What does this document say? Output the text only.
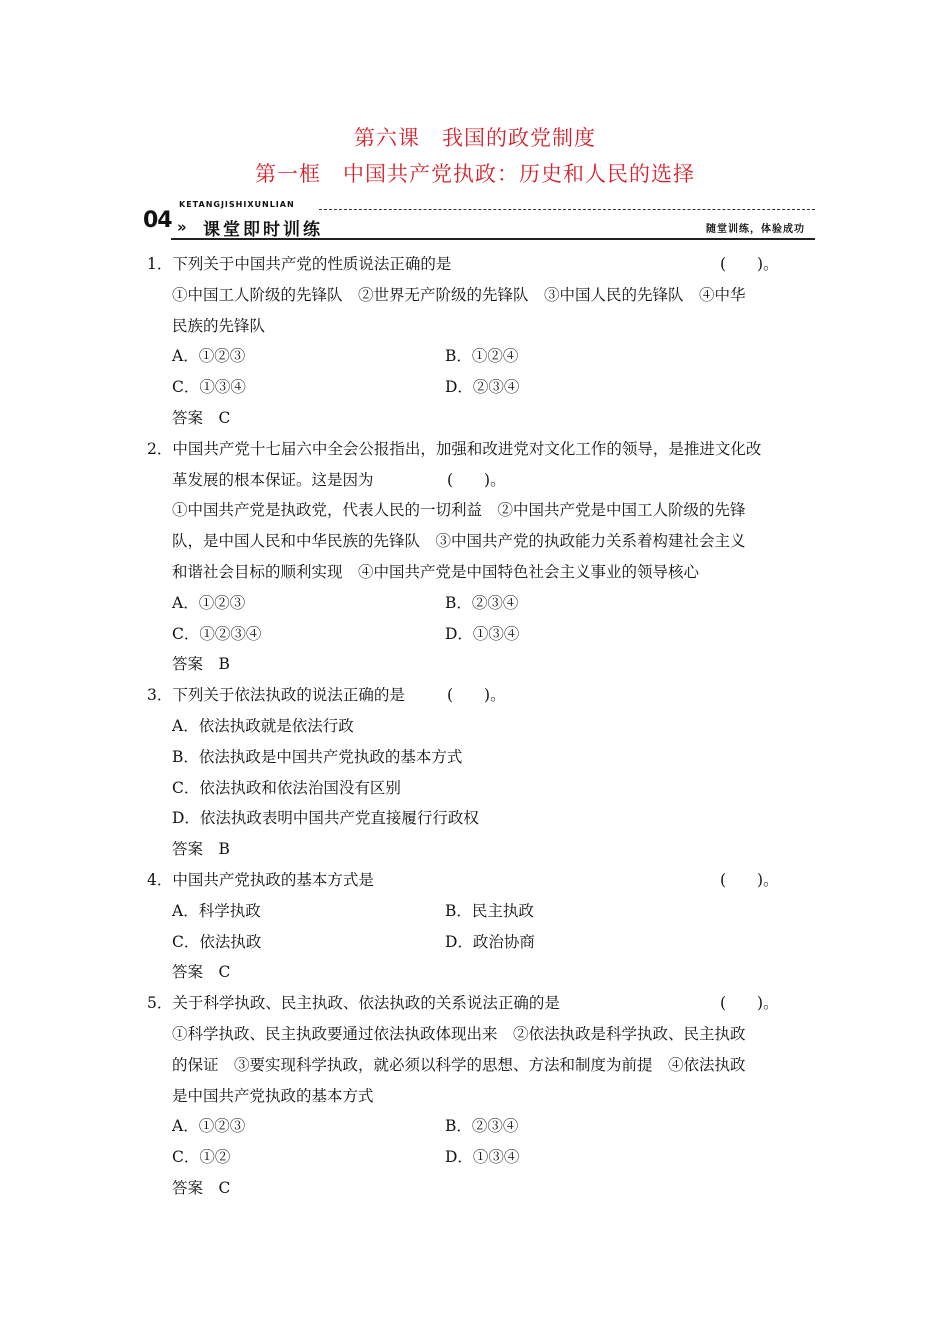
第六课　我国的政党制度
第一框　中国共产党执政：历史和人民的选择
04 »
KETANGJISHIXUNLIAN
课堂即时训练	随堂训练，体验成功
1．下列关于中国共产党的性质说法正确的是	(　　)。
①中国工人阶级的先锋队　②世界无产阶级的先锋队　③中国人民的先锋队　④中华
民族的先锋队
A．①②③	B．①②④
C．①③④	D．②③④
答案　C
2．中国共产党十七届六中全会公报指出，加强和改进党对文化工作的领导，是推进文化改
革发展的根本保证。这是因为	(　　)。
①中国共产党是执政党，代表人民的一切利益　②中国共产党是中国工人阶级的先锋
队，是中国人民和中华民族的先锋队　③中国共产党的执政能力关系着构建社会主义
和谐社会目标的顺利实现　④中国共产党是中国特色社会主义事业的领导核心
A．①②③	B．②③④
C．①②③④	D．①③④
答案　B
3．下列关于依法执政的说法正确的是	(　　)。
A．依法执政就是依法行政
B．依法执政是中国共产党执政的基本方式
C．依法执政和依法治国没有区别
D．依法执政表明中国共产党直接履行行政权
答案　B
4．中国共产党执政的基本方式是	(　　)。
A．科学执政	B．民主执政
C．依法执政	D．政治协商
答案　C
5．关于科学执政、民主执政、依法执政的关系说法正确的是	(　　)。
①科学执政、民主执政要通过依法执政体现出来　②依法执政是科学执政、民主执政
的保证　③要实现科学执政，就必须以科学的思想、方法和制度为前提　④依法执政
是中国共产党执政的基本方式
A．①②③	B．②③④
C．①②	D．①③④
答案　C
